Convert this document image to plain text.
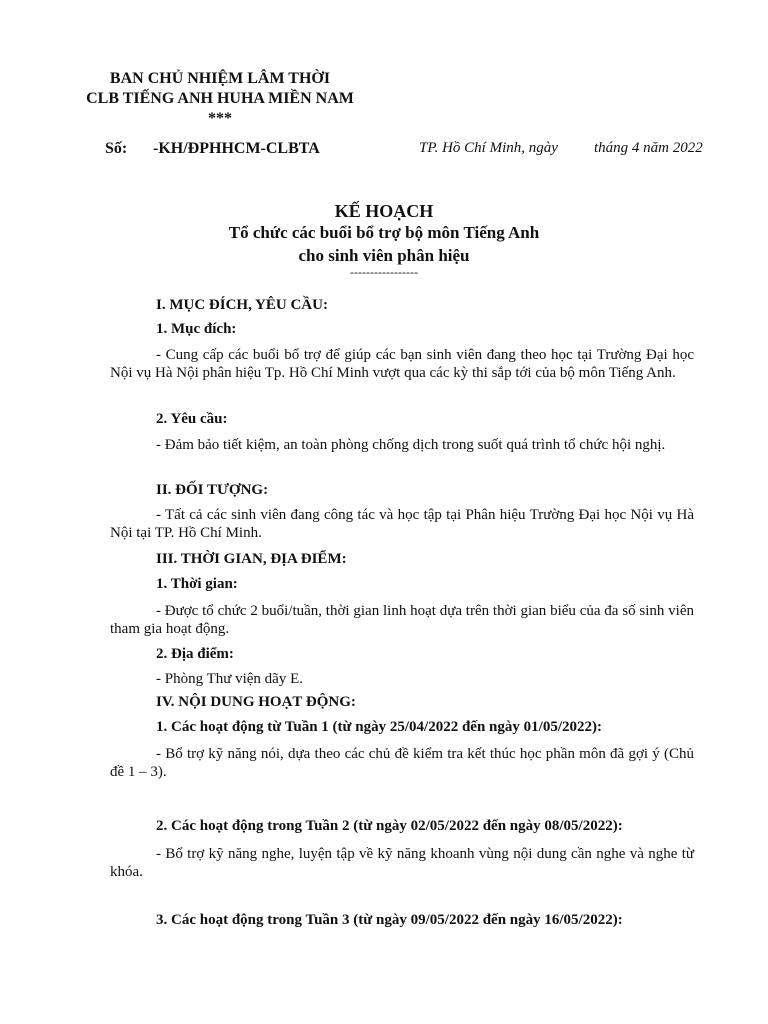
BAN CHỦ NHIỆM LÂM THỜI
CLB TIẾNG ANH HUHA MIỀN NAM
***
Số: -KH/ĐPHHCM-CLBTA	TP. Hồ Chí Minh, ngày tháng 4 năm 2022
KẾ HOẠCH
Tổ chức các buổi bổ trợ bộ môn Tiếng Anh
cho sinh viên phân hiệu
-----------------
I. MỤC ĐÍCH, YÊU CẦU:
1. Mục đích:
- Cung cấp các buổi bổ trợ để giúp các bạn sinh viên đang theo học tại Trường Đại học Nội vụ Hà Nội phân hiệu Tp. Hồ Chí Minh vượt qua các kỳ thi sắp tới của bộ môn Tiếng Anh.
2. Yêu cầu:
- Đảm bảo tiết kiệm, an toàn phòng chống dịch trong suốt quá trình tổ chức hội nghị.
II. ĐỐI TƯỢNG:
- Tất cả các sinh viên đang công tác và học tập tại Phân hiệu Trường Đại học Nội vụ Hà Nội tại TP. Hồ Chí Minh.
III. THỜI GIAN, ĐỊA ĐIỂM:
1. Thời gian:
- Được tổ chức 2 buổi/tuần, thời gian linh hoạt dựa trên thời gian biểu của đa số sinh viên tham gia hoạt động.
2. Địa điểm:
- Phòng Thư viện dãy E.
IV. NỘI DUNG HOẠT ĐỘNG:
1. Các hoạt động từ Tuần 1 (từ ngày 25/04/2022 đến ngày 01/05/2022):
- Bổ trợ kỹ năng nói, dựa theo các chủ đề kiểm tra kết thúc học phần môn đã gợi ý (Chủ đề 1 – 3).
2. Các hoạt động trong Tuần 2 (từ ngày 02/05/2022 đến ngày 08/05/2022):
- Bổ trợ kỹ năng nghe, luyện tập về kỹ năng khoanh vùng nội dung cần nghe và nghe từ khóa.
3. Các hoạt động trong Tuần 3 (từ ngày 09/05/2022 đến ngày 16/05/2022):
